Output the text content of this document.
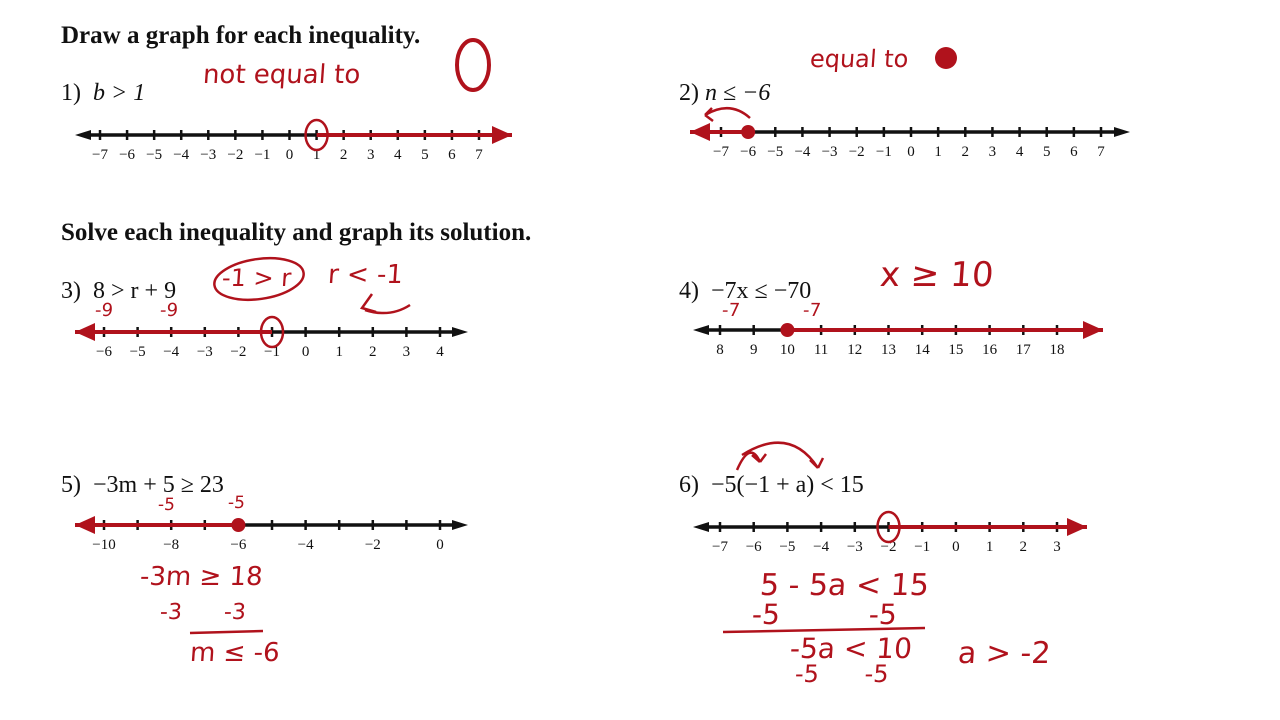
Draw a graph for each inequality.
Solve each inequality and graph its solution.
1) b > 1	2) n ≤ −6
3) 8 > r + 9	4) −7x ≤ −70
5) −3m + 5 ≥ 23	6) −5(−1 + a) < 15
−7 −6 −5 −4 −3 −2 −1 0 1 2 3 4 5 6 7	−7 −6 −5 −4 −3 −2 −1 0 1 2 3 4 5 6 7
−6 −5 −4 −3 −2 −1 0 1 2 3 4	8 9 10 11 12 13 14 15 16 17 18
−10	−8	−6	−4	−2	0	−7 −6 −5 −4 −3 −2 −1 0 1 2 3
not equal to
equal to
-9	-9
-1 > r r < -1
-7	-7
x ≥ 10
-5	-5
-3m ≥ 18
-3      -3
m ≤ -6
5 - 5a < 15
-5          -5
-5a < 10
-5      -5
a > -2
